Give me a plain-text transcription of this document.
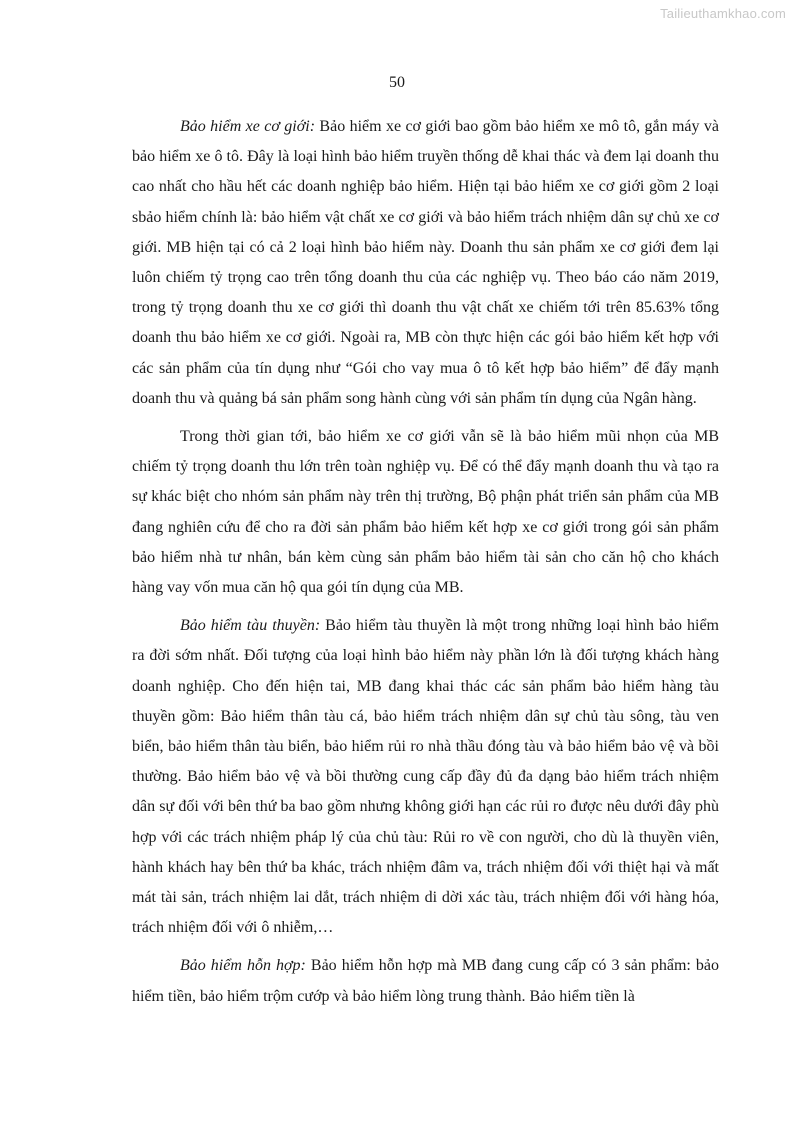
Tailieuthamkhao.com
50

Bảo hiểm xe cơ giới: Bảo hiểm xe cơ giới bao gồm bảo hiểm xe mô tô, gắn máy và bảo hiểm xe ô tô. Đây là loại hình bảo hiểm truyền thống dễ khai thác và đem lại doanh thu cao nhất cho hầu hết các doanh nghiệp bảo hiểm. Hiện tại bảo hiểm xe cơ giới gồm 2 loại sbảo hiểm chính là: bảo hiểm vật chất xe cơ giới và bảo hiểm trách nhiệm dân sự chủ xe cơ giới. MB hiện tại có cả 2 loại hình bảo hiểm này. Doanh thu sản phẩm xe cơ giới đem lại luôn chiếm tỷ trọng cao trên tổng doanh thu của các nghiệp vụ. Theo báo cáo năm 2019, trong tỷ trọng doanh thu xe cơ giới thì doanh thu vật chất xe chiếm tới trên 85.63% tổng doanh thu bảo hiểm xe cơ giới. Ngoài ra, MB còn thực hiện các gói bảo hiểm kết hợp với các sản phẩm của tín dụng như “Gói cho vay mua ô tô kết hợp bảo hiểm” để đẩy mạnh doanh thu và quảng bá sản phẩm song hành cùng với sản phẩm tín dụng của Ngân hàng.

Trong thời gian tới, bảo hiểm xe cơ giới vẫn sẽ là bảo hiểm mũi nhọn của MB chiếm tỷ trọng doanh thu lớn trên toàn nghiệp vụ. Để có thể đẩy mạnh doanh thu và tạo ra sự khác biệt cho nhóm sản phẩm này trên thị trường, Bộ phận phát triển sản phẩm của MB đang nghiên cứu để cho ra đời sản phẩm bảo hiểm kết hợp xe cơ giới trong gói sản phẩm bảo hiểm nhà tư nhân, bán kèm cùng sản phẩm bảo hiểm tài sản cho căn hộ cho khách hàng vay vốn mua căn hộ qua gói tín dụng của MB.

Bảo hiểm tàu thuyền: Bảo hiểm tàu thuyền là một trong những loại hình bảo hiểm ra đời sớm nhất. Đối tượng của loại hình bảo hiểm này phần lớn là đối tượng khách hàng doanh nghiệp. Cho đến hiện tai, MB đang khai thác các sản phẩm bảo hiểm hàng tàu thuyền gồm: Bảo hiểm thân tàu cá, bảo hiểm trách nhiệm dân sự chủ tàu sông, tàu ven biển, bảo hiểm thân tàu biển, bảo hiểm rủi ro nhà thầu đóng tàu và bảo hiểm bảo vệ và bồi thường. Bảo hiểm bảo vệ và bồi thường cung cấp đầy đủ đa dạng bảo hiểm trách nhiệm dân sự đối với bên thứ ba bao gồm nhưng không giới hạn các rủi ro được nêu dưới đây phù hợp với các trách nhiệm pháp lý của chủ tàu: Rủi ro về con người, cho dù là thuyền viên, hành khách hay bên thứ ba khác, trách nhiệm đâm va, trách nhiệm đối với thiệt hại và mất mát tài sản, trách nhiệm lai dắt, trách nhiệm di dời xác tàu, trách nhiệm đối với hàng hóa, trách nhiệm đối với ô nhiễm,…

Bảo hiểm hỗn hợp: Bảo hiểm hỗn hợp mà MB đang cung cấp có 3 sản phẩm: bảo hiểm tiền, bảo hiểm trộm cướp và bảo hiểm lòng trung thành. Bảo hiểm tiền là
